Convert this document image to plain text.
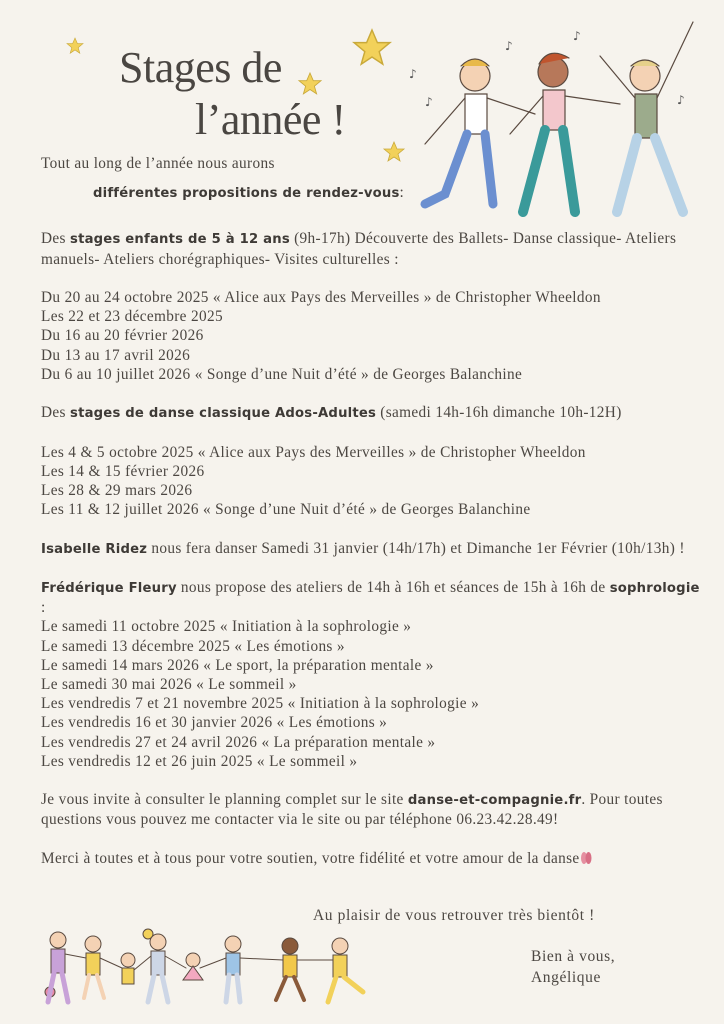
♪
♪
♪
♪
♪
Stages de
l’année !

Tout au long de l’année nous aurons

différentes propositions de rendez-vous:

Des stages enfants de 5 à 12 ans (9h-17h) Découverte des Ballets- Danse classique- Ateliers manuels- Ateliers chorégraphiques- Visites culturelles :

Du 20 au 24 octobre 2025 « Alice aux Pays des Merveilles » de Christopher Wheeldon

Les 22 et 23 décembre 2025

Du 16 au 20 février 2026

Du 13 au 17 avril 2026

Du 6 au 10 juillet 2026 « Songe d’une Nuit d’été » de Georges Balanchine

Des stages de danse classique Ados-Adultes (samedi 14h-16h dimanche 10h-12H)

Les 4 & 5 octobre 2025 « Alice aux Pays des Merveilles » de Christopher Wheeldon

Les 14 & 15 février 2026

Les 28 & 29 mars 2026

Les 11 & 12 juillet 2026 « Songe d’une Nuit d’été » de Georges Balanchine

Isabelle Ridez nous fera danser Samedi 31 janvier (14h/17h) et Dimanche 1er Février (10h/13h) !

Frédérique Fleury nous propose des ateliers de 14h à 16h et séances de 15h à 16h de sophrologie :

Le samedi 11 octobre 2025 « Initiation à la sophrologie »

Le samedi 13 décembre 2025 « Les émotions »

Le samedi 14 mars 2026 « Le sport, la préparation mentale »

Le samedi 30 mai 2026 « Le sommeil »

Les vendredis 7 et 21 novembre 2025 « Initiation à la sophrologie »

Les vendredis 16 et 30 janvier 2026 « Les émotions »

Les vendredis 27 et 24 avril 2026 « La préparation mentale »

Les vendredis 12 et 26 juin 2025 « Le sommeil »

Je vous invite à consulter le planning complet sur le site danse-et-compagnie.fr. Pour toutes questions vous pouvez me contacter via le site ou par téléphone 06.23.42.28.49!

Merci à toutes et à tous pour votre soutien, votre fidélité et votre amour de la danse

Au plaisir de vous retrouver très bientôt !
Bien à vous,
Angélique
